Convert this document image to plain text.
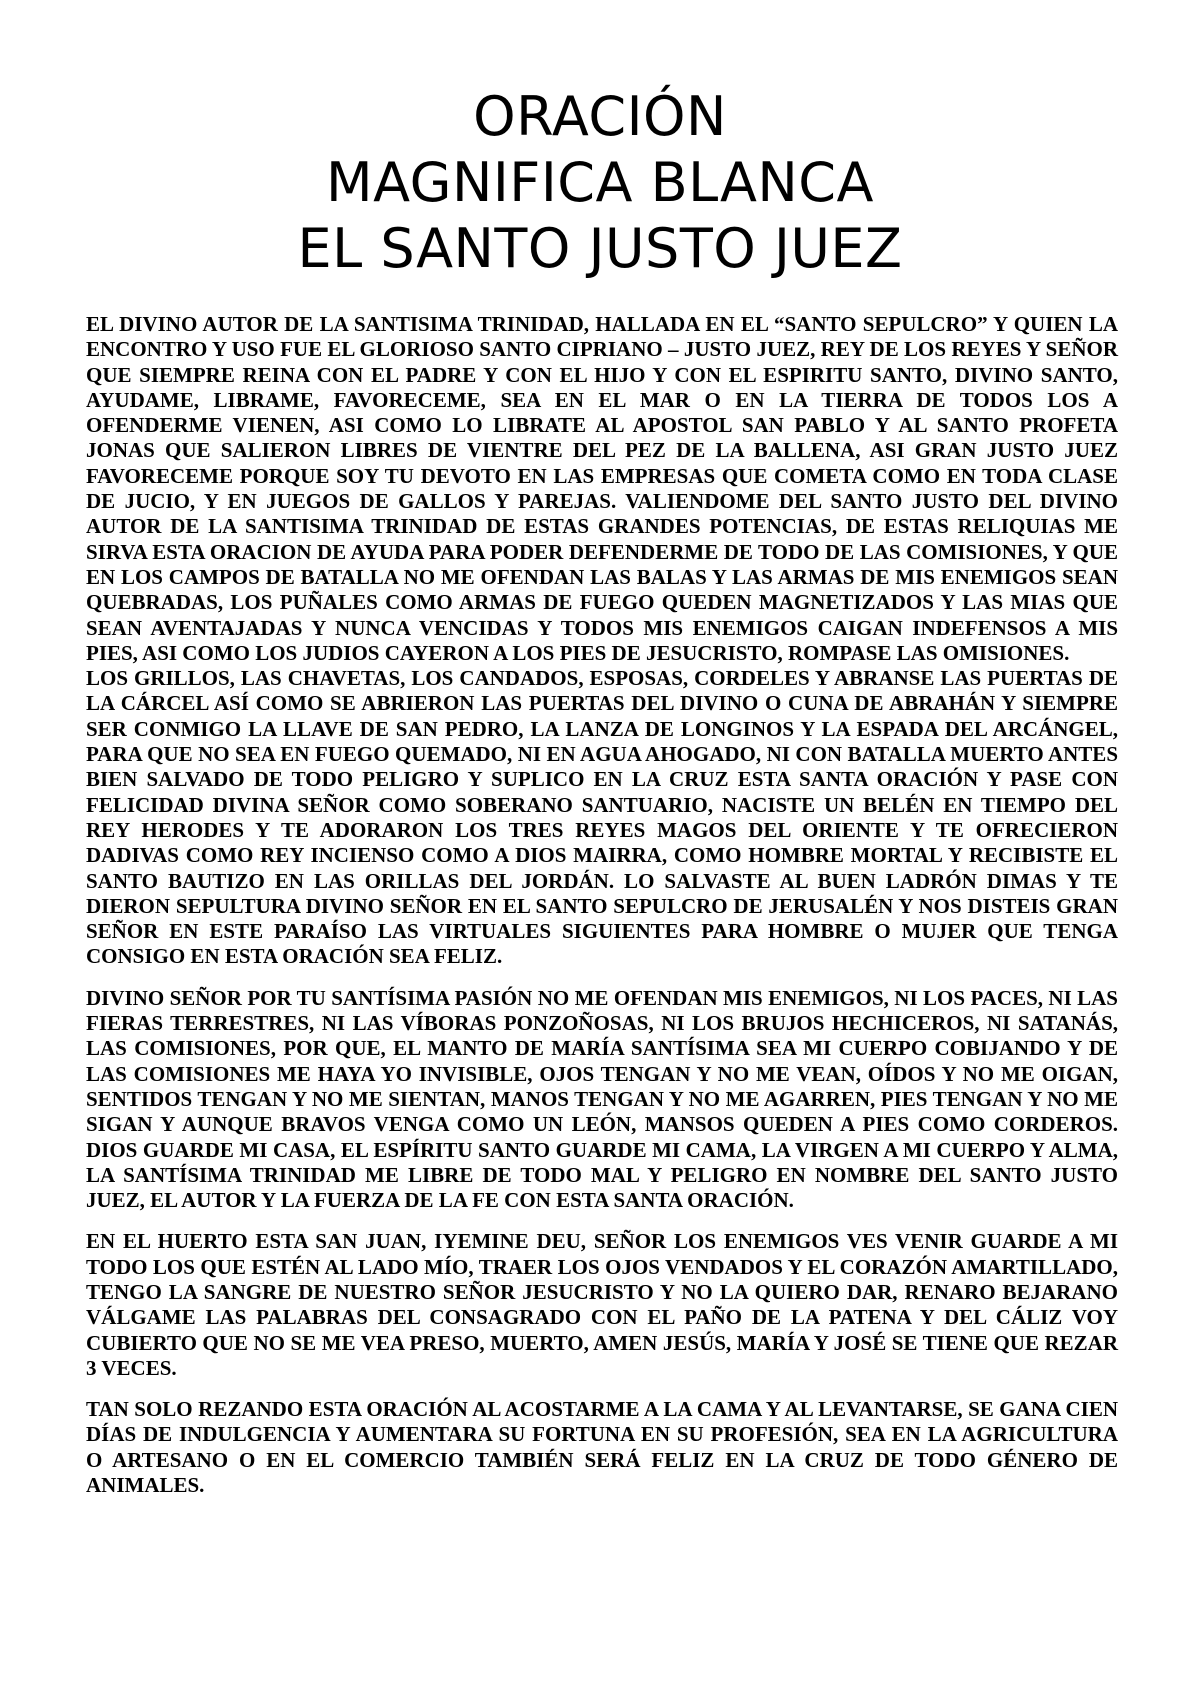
ORACIÓN
MAGNIFICA BLANCA
EL SANTO JUSTO JUEZ

EL DIVINO AUTOR DE LA SANTISIMA TRINIDAD, HALLADA EN EL “SANTO SEPULCRO” Y QUIEN LA ENCONTRO Y USO FUE EL GLORIOSO SANTO CIPRIANO – JUSTO JUEZ, REY DE LOS REYES Y SEÑOR QUE SIEMPRE REINA CON EL PADRE Y CON EL HIJO Y CON EL ESPIRITU SANTO, DIVINO SANTO, AYUDAME, LIBRAME, FAVORECEME, SEA EN EL MAR O EN LA TIERRA DE TODOS LOS A OFENDERME VIENEN, ASI COMO LO LIBRATE AL APOSTOL SAN PABLO Y AL SANTO PROFETA JONAS QUE SALIERON LIBRES DE VIENTRE DEL PEZ DE LA BALLENA, ASI GRAN JUSTO JUEZ FAVORECEME PORQUE SOY TU DEVOTO EN LAS EMPRESAS QUE COMETA COMO EN TODA CLASE DE JUCIO, Y EN JUEGOS DE GALLOS Y PAREJAS. VALIENDOME DEL SANTO JUSTO DEL DIVINO AUTOR DE LA SANTISIMA TRINIDAD DE ESTAS GRANDES POTENCIAS, DE ESTAS RELIQUIAS ME SIRVA ESTA ORACION DE AYUDA PARA PODER DEFENDERME DE TODO DE LAS COMISIONES, Y QUE EN LOS CAMPOS DE BATALLA NO ME OFENDAN LAS BALAS Y LAS ARMAS DE MIS ENEMIGOS SEAN QUEBRADAS, LOS PUÑALES COMO ARMAS DE FUEGO QUEDEN MAGNETIZADOS Y LAS MIAS QUE SEAN AVENTAJADAS Y NUNCA VENCIDAS Y TODOS MIS ENEMIGOS CAIGAN INDEFENSOS A MIS PIES, ASI COMO LOS JUDIOS CAYERON A LOS PIES DE JESUCRISTO, ROMPASE LAS OMISIONES.

LOS GRILLOS, LAS CHAVETAS, LOS CANDADOS, ESPOSAS, CORDELES Y ABRANSE LAS PUERTAS DE LA CÁRCEL ASÍ COMO SE ABRIERON LAS PUERTAS DEL DIVINO O CUNA DE ABRAHÁN Y SIEMPRE SER CONMIGO LA LLAVE DE SAN PEDRO, LA LANZA DE LONGINOS Y LA ESPADA DEL ARCÁNGEL, PARA QUE NO SEA EN FUEGO QUEMADO, NI EN AGUA AHOGADO, NI CON BATALLA MUERTO ANTES BIEN SALVADO DE TODO PELIGRO Y SUPLICO EN LA CRUZ ESTA SANTA ORACIÓN Y PASE CON FELICIDAD DIVINA SEÑOR COMO SOBERANO SANTUARIO, NACISTE UN BELÉN EN TIEMPO DEL REY HERODES Y TE ADORARON LOS TRES REYES MAGOS DEL ORIENTE Y TE OFRECIERON DADIVAS COMO REY INCIENSO COMO A DIOS MAIRRA, COMO HOMBRE MORTAL Y RECIBISTE EL SANTO BAUTIZO EN LAS ORILLAS DEL JORDÁN. LO SALVASTE AL BUEN LADRÓN DIMAS Y TE DIERON SEPULTURA DIVINO SEÑOR EN EL SANTO SEPULCRO DE JERUSALÉN Y NOS DISTEIS GRAN SEÑOR EN ESTE PARAÍSO LAS VIRTUALES SIGUIENTES PARA HOMBRE O MUJER QUE TENGA CONSIGO EN ESTA ORACIÓN SEA FELIZ.

DIVINO SEÑOR POR TU SANTÍSIMA PASIÓN NO ME OFENDAN MIS ENEMIGOS, NI LOS PACES, NI LAS FIERAS TERRESTRES, NI LAS VÍBORAS PONZOÑOSAS, NI LOS BRUJOS HECHICEROS, NI SATANÁS, LAS COMISIONES, POR QUE, EL MANTO DE MARÍA SANTÍSIMA SEA MI CUERPO COBIJANDO Y DE LAS COMISIONES ME HAYA YO INVISIBLE, OJOS TENGAN Y NO ME VEAN, OÍDOS Y NO ME OIGAN, SENTIDOS TENGAN Y NO ME SIENTAN, MANOS TENGAN Y NO ME AGARREN, PIES TENGAN Y NO ME SIGAN Y AUNQUE BRAVOS VENGA COMO UN LEÓN, MANSOS QUEDEN A PIES COMO CORDEROS. DIOS GUARDE MI CASA, EL ESPÍRITU SANTO GUARDE MI CAMA, LA VIRGEN A MI CUERPO Y ALMA, LA SANTÍSIMA TRINIDAD ME LIBRE DE TODO MAL Y PELIGRO EN NOMBRE DEL SANTO JUSTO JUEZ, EL AUTOR Y LA FUERZA DE LA FE CON ESTA SANTA ORACIÓN.

EN EL HUERTO ESTA SAN JUAN, IYEMINE DEU, SEÑOR LOS ENEMIGOS VES VENIR GUARDE A MI TODO LOS QUE ESTÉN AL LADO MÍO, TRAER LOS OJOS VENDADOS Y EL CORAZÓN AMARTILLADO, TENGO LA SANGRE DE NUESTRO SEÑOR JESUCRISTO Y NO LA QUIERO DAR, RENARO BEJARANO VÁLGAME LAS PALABRAS DEL CONSAGRADO CON EL PAÑO DE LA PATENA Y DEL CÁLIZ VOY CUBIERTO QUE NO SE ME VEA PRESO, MUERTO, AMEN JESÚS, MARÍA Y JOSÉ SE TIENE QUE REZAR 3 VECES.

TAN SOLO REZANDO ESTA ORACIÓN AL ACOSTARME A LA CAMA Y AL LEVANTARSE, SE GANA CIEN DÍAS DE INDULGENCIA Y AUMENTARA SU FORTUNA EN SU PROFESIÓN, SEA EN LA AGRICULTURA O ARTESANO O EN EL COMERCIO TAMBIÉN SERÁ FELIZ EN LA CRUZ DE TODO GÉNERO DE ANIMALES.
